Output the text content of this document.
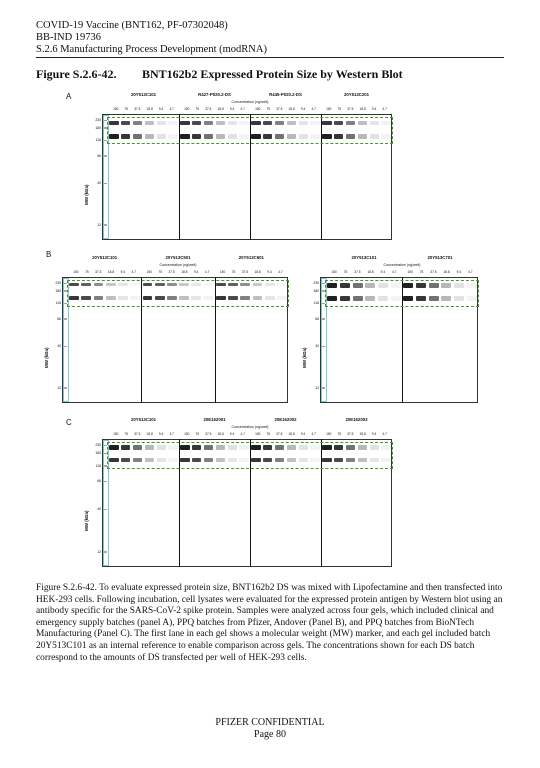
COVID-19 Vaccine (BNT162, PF-07302048)
BB-IND 19736
S.2.6 Manufacturing Process Development (modRNA)
Figure S.2.6-42. BNT162b2 Expressed Protein Size by Western Blot
A
B
C
20Y513C101
150 75 37.5 18.8 9.4 4.7
R427-P020.2-DS
150 75 37.5 18.8 9.4 4.7
R445-P020.2-DS
150 75 37.5 18.8 9.4 4.7
20Y513C201
150 75 37.5 18.8 9.4 4.7
Concentration (ng/well)
230
180
116
66
40
12
MW (kDa)
20Y513C101
150 75 37.5 18.8 9.4 4.7
20Y513C501
150 75 37.5 18.8 9.4 4.7
20Y513C601
150 75 37.5 18.8 9.4 4.7
Concentration (ng/well)
230
180
116
66
40
12
MW (kDa)
20Y513C101
150 75 37.5 18.8 9.4 4.7
20Y513C701
150 75 37.5 18.8 9.4 4.7
Concentration (ng/well)
230
180
116
66
40
12
MW (kDa)
20Y513C101
150 75 37.5 18.8 9.4 4.7
20E162001
150 75 37.5 18.8 9.4 4.7
20E162002
150 75 37.5 18.8 9.4 4.7
20E162003
150 75 37.5 18.8 9.4 4.7
Concentration (ng/well)
230
180
116
66
40
12
MW (kDa)
Figure S.2.6-42. To evaluate expressed protein size, BNT162b2 DS was mixed with Lipofectamine and then transfected into HEK-293 cells. Following incubation, cell lysates were evaluated for the expressed protein antigen by Western blot using an antibody specific for the SARS-CoV-2 spike protein. Samples were analyzed across four gels, which included clinical and emergency supply batches (panel A), PPQ batches from Pfizer, Andover (Panel B), and PPQ batches from BioNTech Manufacturing (Panel C). The first lane in each gel shows a molecular weight (MW) marker, and each gel included batch 20Y513C101 as an internal reference to enable comparison across gels. The concentrations shown for each DS batch correspond to the amounts of DS transfected per well of HEK-293 cells.
PFIZER CONFIDENTIAL
Page 80
